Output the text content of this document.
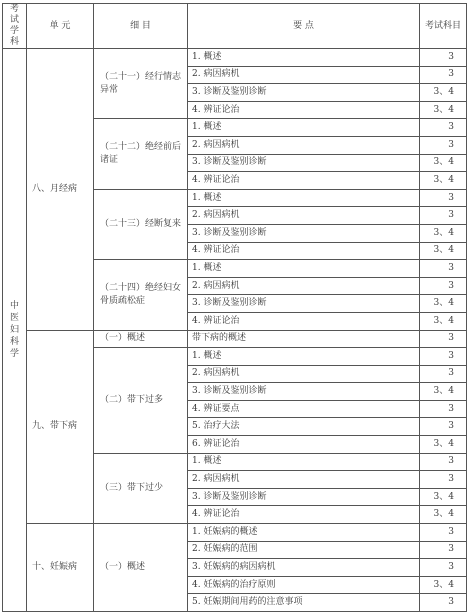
考试学科	单 元	细 目	要 点	考试科目
中医妇科学	八、月经病	（二十一）经行情志异常	1. 概述	3
			2. 病因病机	3
			3. 诊断及鉴别诊断	3、4
			4. 辨证论治	3、4
		（二十二）绝经前后诸证	1. 概述	3
			2. 病因病机	3
			3. 诊断及鉴别诊断	3、4
			4. 辨证论治	3、4
		（二十三）经断复来	1. 概述	3
			2. 病因病机	3
			3. 诊断及鉴别诊断	3、4
			4. 辨证论治	3、4
		（二十四）绝经妇女骨质疏松症	1. 概述	3
			2. 病因病机	3
			3. 诊断及鉴别诊断	3、4
			4. 辨证论治	3、4
	九、带下病	（一）概述	带下病的概述	3
		（二）带下过多	1. 概述	3
			2. 病因病机	3
			3. 诊断及鉴别诊断	3、4
			4. 辨证要点	3
			5. 治疗大法	3
			6. 辨证论治	3、4
		（三）带下过少	1. 概述	3
			2. 病因病机	3
			3. 诊断及鉴别诊断	3、4
			4. 辨证论治	3、4
	十、妊娠病	（一）概述	1. 妊娠病的概述	3
			2. 妊娠病的范围	3
			3. 妊娠病的病因病机	3
			4. 妊娠病的治疗原则	3、4
			5. 妊娠期间用药的注意事项	3
